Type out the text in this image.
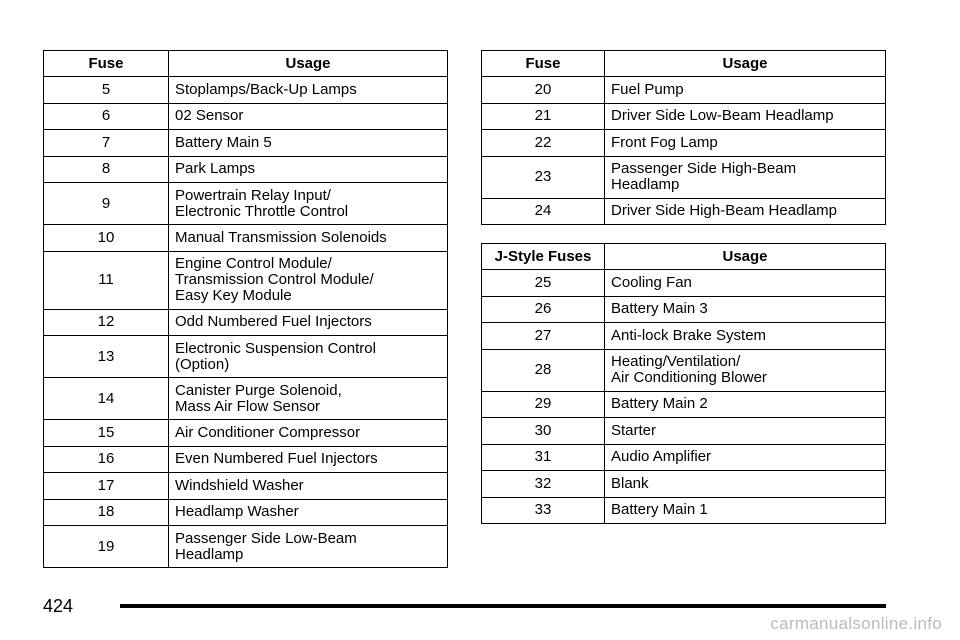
Fuse	Usage
5	Stoplamps/Back-Up Lamps
6	02 Sensor
7	Battery Main 5
8	Park Lamps
9	Powertrain Relay Input/
Electronic Throttle Control
10	Manual Transmission Solenoids
11	Engine Control Module/
Transmission Control Module/
Easy Key Module
12	Odd Numbered Fuel Injectors
13	Electronic Suspension Control
(Option)
14	Canister Purge Solenoid,
Mass Air Flow Sensor
15	Air Conditioner Compressor
16	Even Numbered Fuel Injectors
17	Windshield Washer
18	Headlamp Washer
19	Passenger Side Low-Beam
Headlamp
Fuse	Usage
20	Fuel Pump
21	Driver Side Low-Beam Headlamp
22	Front Fog Lamp
23	Passenger Side High-Beam
Headlamp
24	Driver Side High-Beam Headlamp
J-Style Fuses	Usage
25	Cooling Fan
26	Battery Main 3
27	Anti-lock Brake System
28	Heating/Ventilation/
Air Conditioning Blower
29	Battery Main 2
30	Starter
31	Audio Amplifier
32	Blank
33	Battery Main 1
424
carmanualsonline.info
